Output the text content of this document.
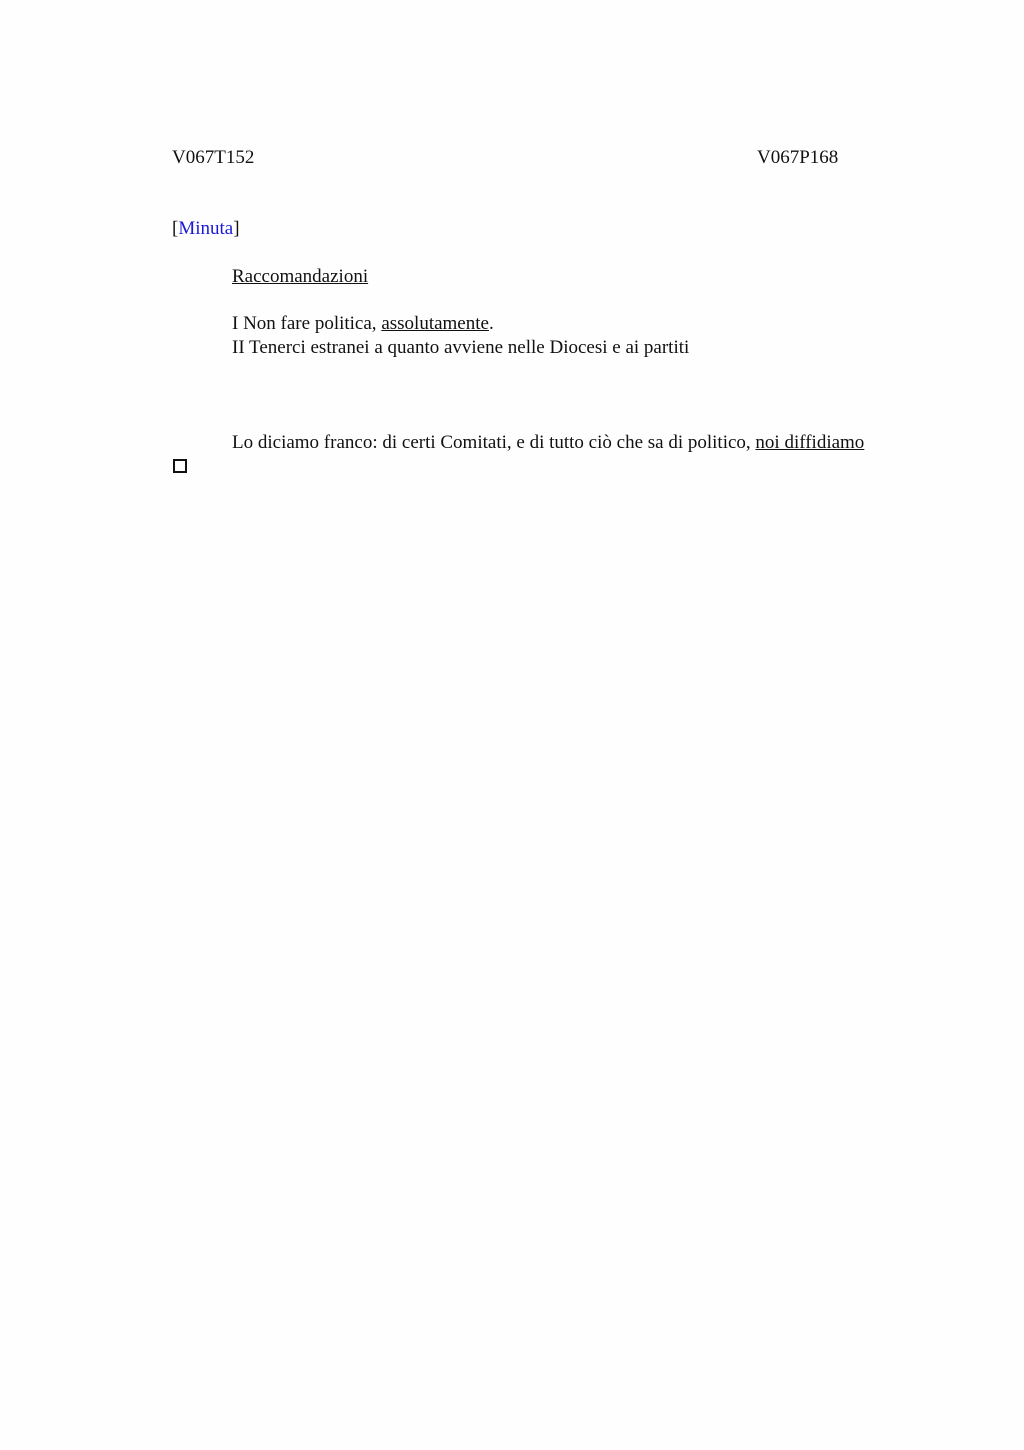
V067T152	V067P168
[Minuta]
Raccomandazioni
I Non fare politica, assolutamente.
II Tenerci estranei a quanto avviene nelle Diocesi e ai partiti
Lo diciamo franco: di certi Comitati, e di tutto ciò che sa di politico, noi diffidiamo
